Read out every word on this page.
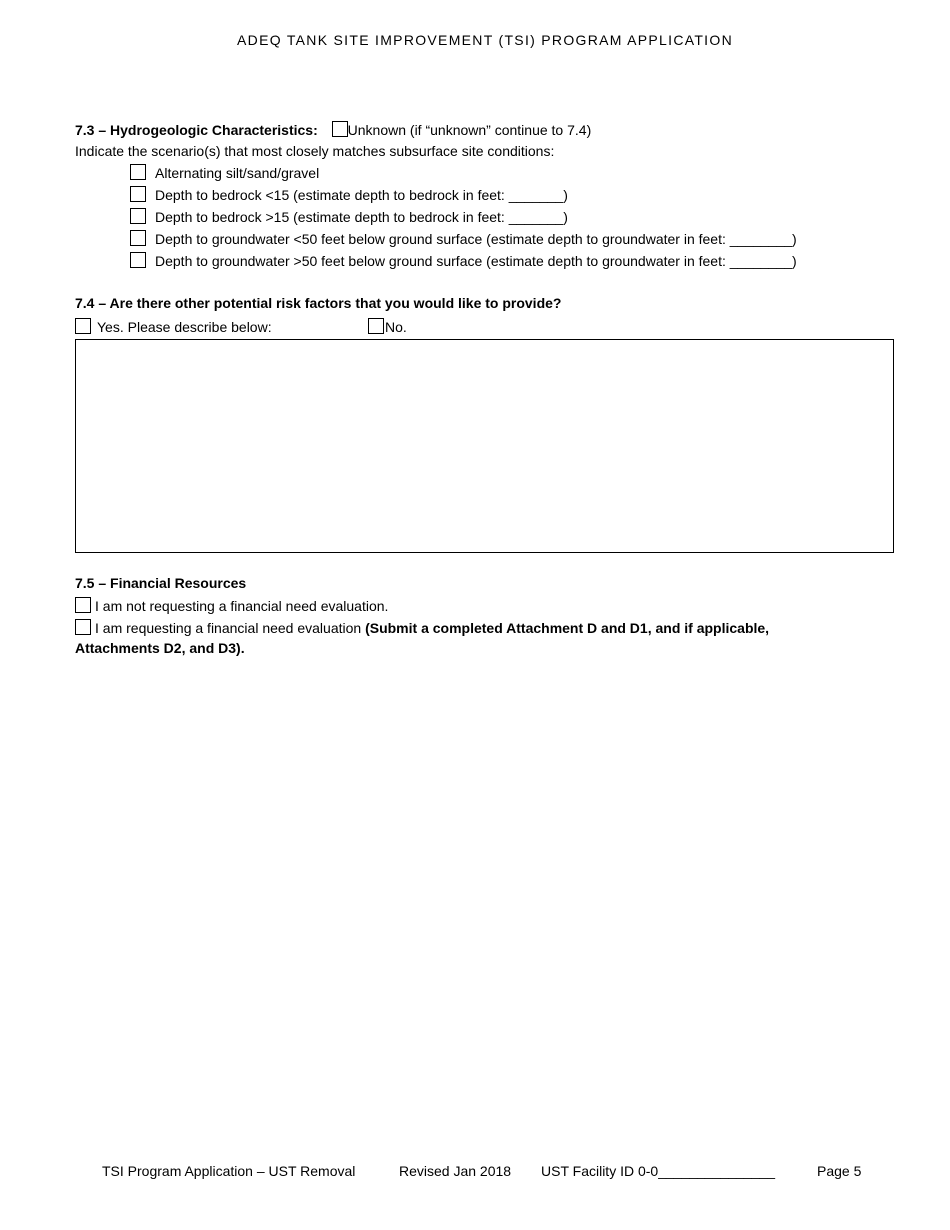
ADEQ TANK SITE IMPROVEMENT (TSI) PROGRAM APPLICATION
7.3 – Hydrogeologic Characteristics: Unknown (if “unknown” continue to 7.4)
Indicate the scenario(s) that most closely matches subsurface site conditions:
Alternating silt/sand/gravel
Depth to bedrock <15 (estimate depth to bedrock in feet: _______)
Depth to bedrock >15 (estimate depth to bedrock in feet: _______)
Depth to groundwater <50 feet below ground surface (estimate depth to groundwater in feet: ________)
Depth to groundwater >50 feet below ground surface (estimate depth to groundwater in feet: ________)
7.4 – Are there other potential risk factors that you would like to provide?
Yes. Please describe below:	No.
7.5 – Financial Resources
I am not requesting a financial need evaluation.
I am requesting a financial need evaluation (Submit a completed Attachment D and D1, and if applicable,
Attachments D2, and D3).
TSI Program Application – UST Removal	Revised Jan 2018 UST Facility ID 0-0_______________	Page 5
